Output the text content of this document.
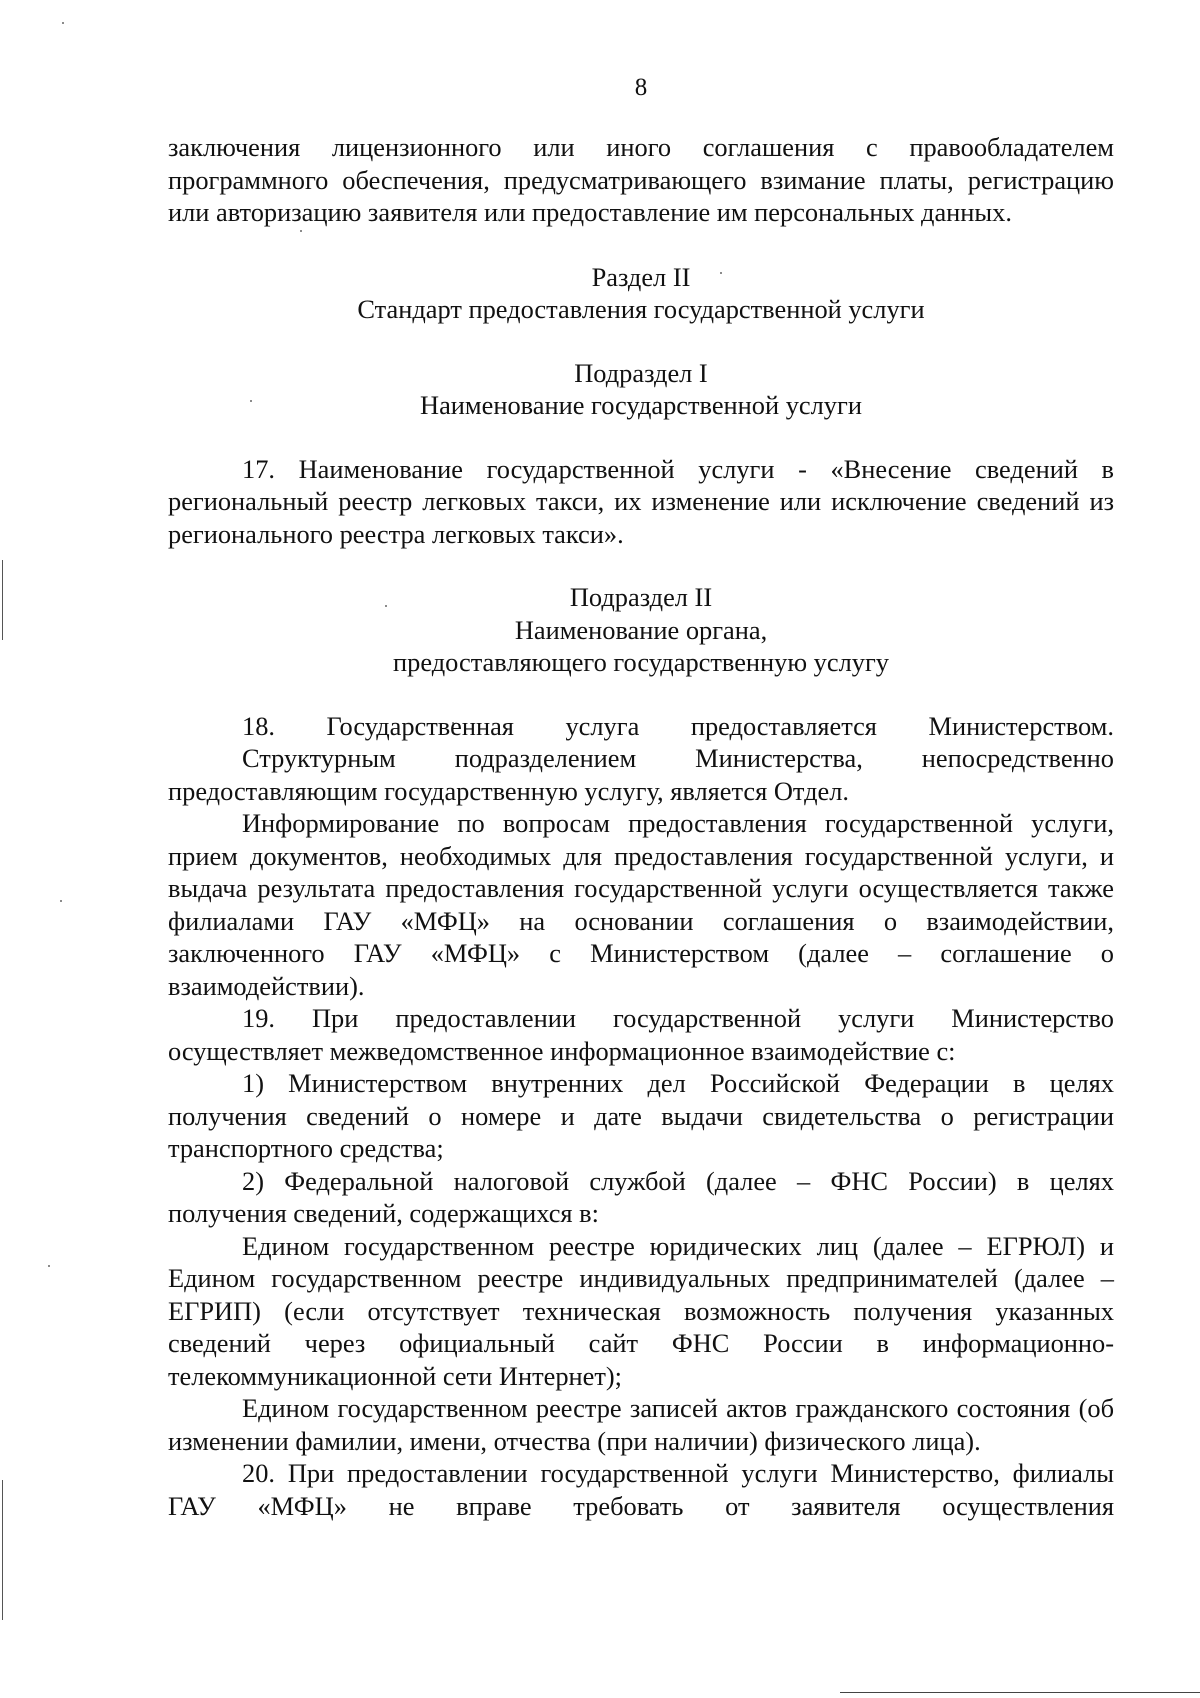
8

заключения лицензионного или иного соглашения с правообладателем программного обеспечения, предусматривающего взимание платы, регистрацию или авторизацию заявителя или предоставление им персональных данных.

Раздел II

Стандарт предоставления государственной услуги

Подраздел I

Наименование государственной услуги

17. Наименование государственной услуги - «Внесение сведений в региональный реестр легковых такси, их изменение или исключение сведений из регионального реестра легковых такси».

Подраздел II

Наименование органа,

предоставляющего государственную услугу

18. Государственная услуга предоставляется Министерством.

Структурным подразделением Министерства, непосредственно предоставляющим государственную услугу, является Отдел.

Информирование по вопросам предоставления государственной услуги, прием документов, необходимых для предоставления государственной услуги, и выдача результата предоставления государственной услуги осуществляется также филиалами ГАУ «МФЦ» на основании соглашения о взаимодействии, заключенного ГАУ «МФЦ» с Министерством (далее – соглашение о взаимодействии).

19. При предоставлении государственной услуги Министерство осуществляет межведомственное информационное взаимодействие с:

1) Министерством внутренних дел Российской Федерации в целях получения сведений о номере и дате выдачи свидетельства о регистрации транспортного средства;

2) Федеральной налоговой службой (далее – ФНС России) в целях получения сведений, содержащихся в:

Едином государственном реестре юридических лиц (далее – ЕГРЮЛ) и Едином государственном реестре индивидуальных предпринимателей (далее – ЕГРИП) (если отсутствует техническая возможность получения указанных сведений через официальный сайт ФНС России в информационно-телекоммуникационной сети Интернет);

Едином государственном реестре записей актов гражданского состояния (об изменении фамилии, имени, отчества (при наличии) физического лица).

20. При предоставлении государственной услуги Министерство, филиалы ГАУ «МФЦ» не вправе требовать от заявителя осуществления
